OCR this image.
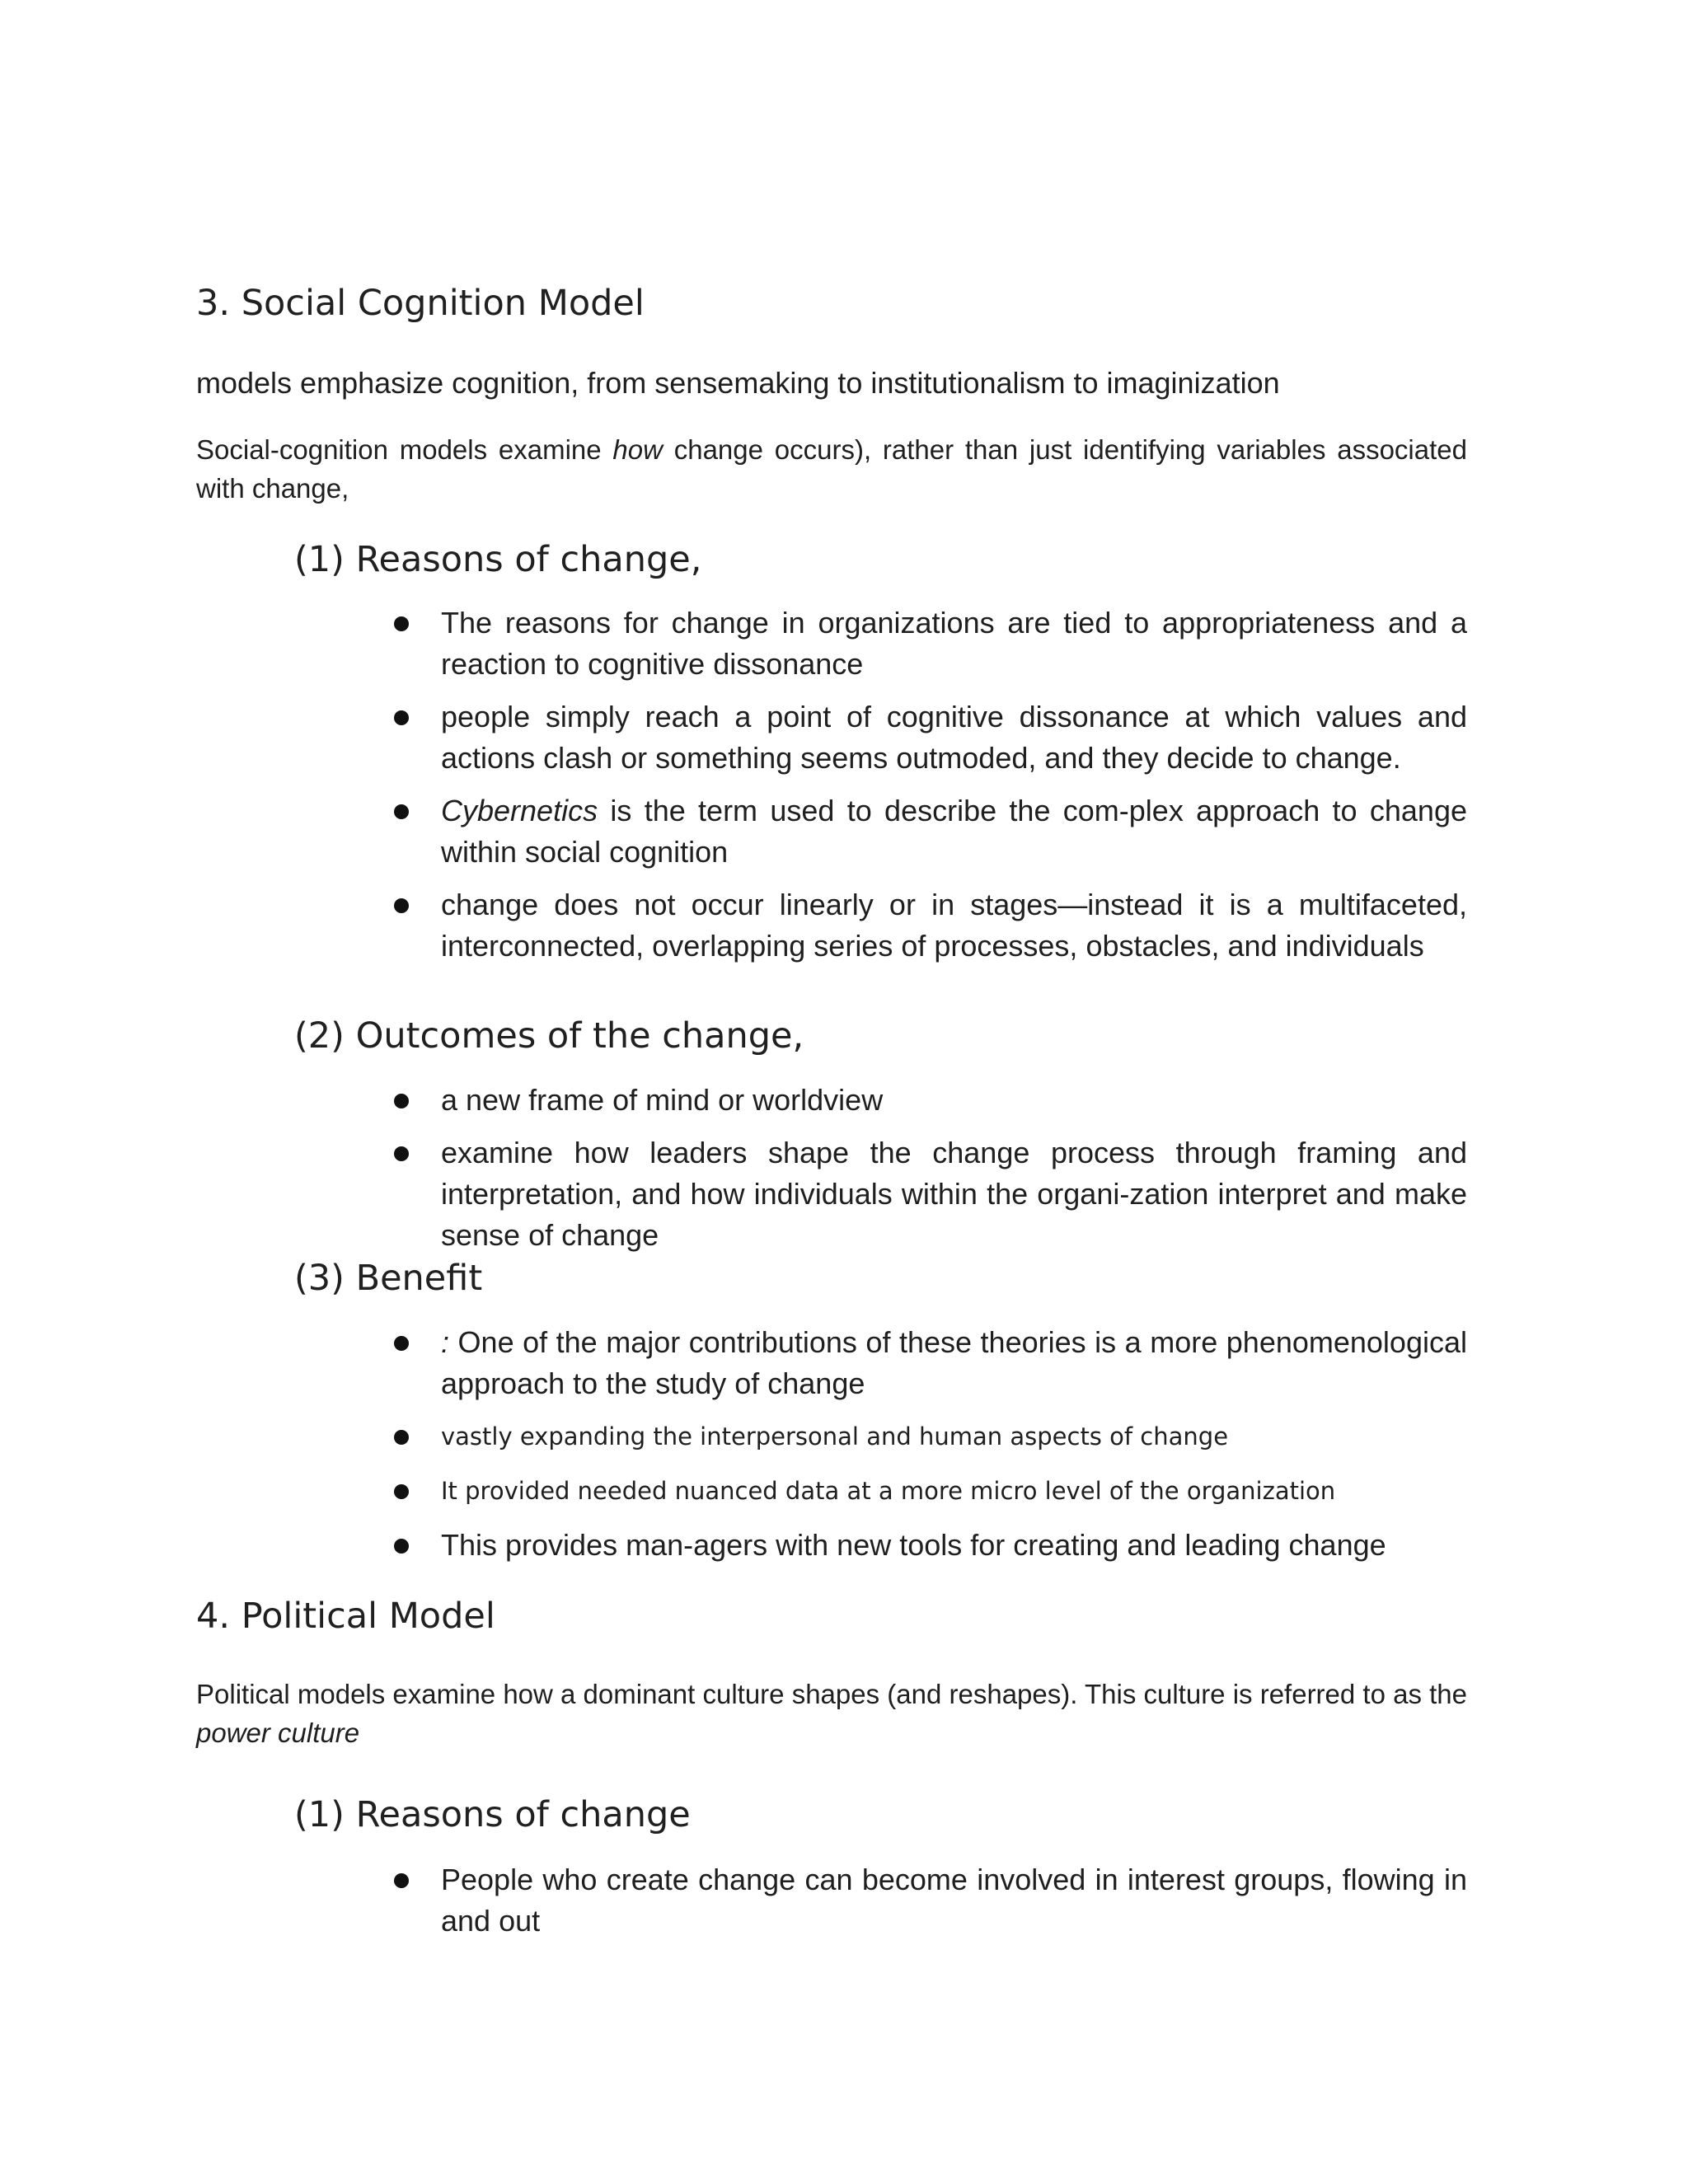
3. Social Cognition Model

models emphasize cognition, from sensemaking to institutionalism to imaginization

Social-cognition models examine how change occurs), rather than just identifying variables associated with change,

(1) Reasons of change,
The reasons for change in organizations are tied to appropriateness and a reaction to cognitive dissonance
people simply reach a point of cognitive dissonance at which values and actions clash or something seems outmoded, and they decide to change.
Cybernetics is the term used to describe the com-plex approach to change within social cognition
change does not occur linearly or in stages—instead it is a multifaceted, interconnected, overlapping series of processes, obstacles, and individuals
(2) Outcomes of the change,
a new frame of mind or worldview
examine how leaders shape the change process through framing and interpretation, and how individuals within the organi-zation interpret and make sense of change
(3) Benefit
: One of the major contributions of these theories is a more phenomenological approach to the study of change
vastly expanding the interpersonal and human aspects of change
It provided needed nuanced data at a more micro level of the organization
This provides man-agers with new tools for creating and leading change
4. Political Model

Political models examine how a dominant culture shapes (and reshapes). This culture is referred to as the power culture

(1) Reasons of change
People who create change can become involved in interest groups, flowing in and out
